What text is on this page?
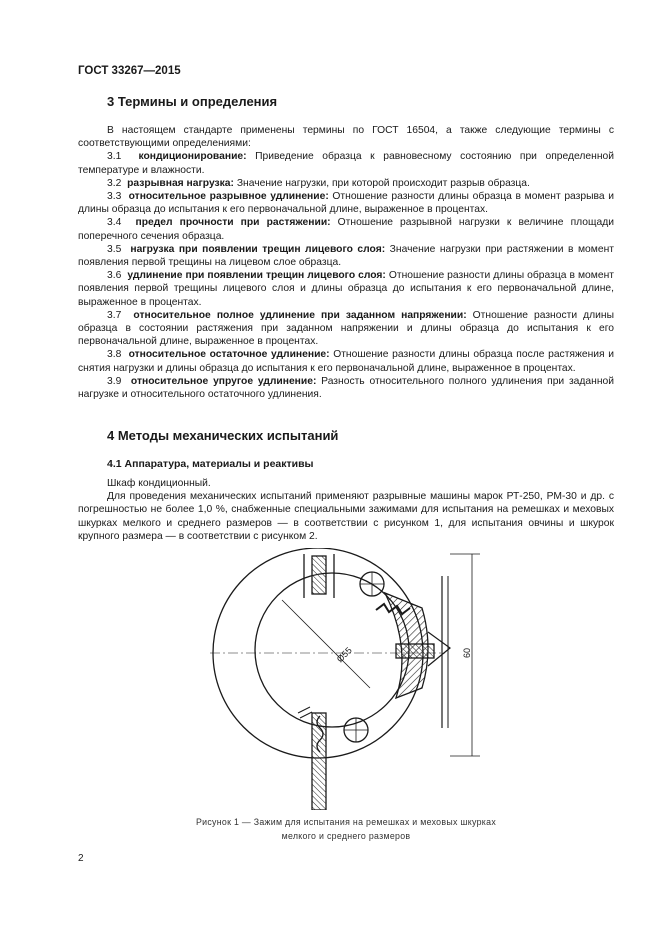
ГОСТ 33267—2015
3 Термины и определения

В настоящем стандарте применены термины по ГОСТ 16504, а также следующие термины с соответствующими определениями:

3.1 кондиционирование: Приведение образца к равновесному состоянию при определенной температуре и влажности.

3.2 разрывная нагрузка: Значение нагрузки, при которой происходит разрыв образца.

3.3 относительное разрывное удлинение: Отношение разности длины образца в момент разрыва и длины образца до испытания к его первоначальной длине, выраженное в процентах.

3.4 предел прочности при растяжении: Отношение разрывной нагрузки к величине площади поперечного сечения образца.

3.5 нагрузка при появлении трещин лицевого слоя: Значение нагрузки при растяжении в момент появления первой трещины на лицевом слое образца.

3.6 удлинение при появлении трещин лицевого слоя: Отношение разности длины образца в момент появления первой трещины лицевого слоя и длины образца до испытания к его первоначальной длине, выраженное в процентах.

3.7 относительное полное удлинение при заданном напряжении: Отношение разности длины образца в состоянии растяжения при заданном напряжении и длины образца до испытания к его первоначальной длине, выраженное в процентах.

3.8 относительное остаточное удлинение: Отношение разности длины образца после растяжения и снятия нагрузки и длины образца до испытания к его первоначальной длине, выраженное в процентах.

3.9 относительное упругое удлинение: Разность относительного полного удлинения при заданной нагрузке и относительного остаточного удлинения.

4 Методы механических испытаний
4.1 Аппаратура, материалы и реактивы

Шкаф кондиционный.

Для проведения механических испытаний применяют разрывные машины марок РТ-250, РМ-30 и др. с погрешностью не более 1,0 %, снабженные специальными зажимами для испытания на ремешках и меховых шкурках мелкого и среднего размеров — в соответствии с рисунком 1, для испытания овчины и шкурок крупного размера — в соответствии с рисунком 2.

Ø55	60
Рисунок 1 — Зажим для испытания на ремешках и меховых шкурках
мелкого и среднего размеров
2
